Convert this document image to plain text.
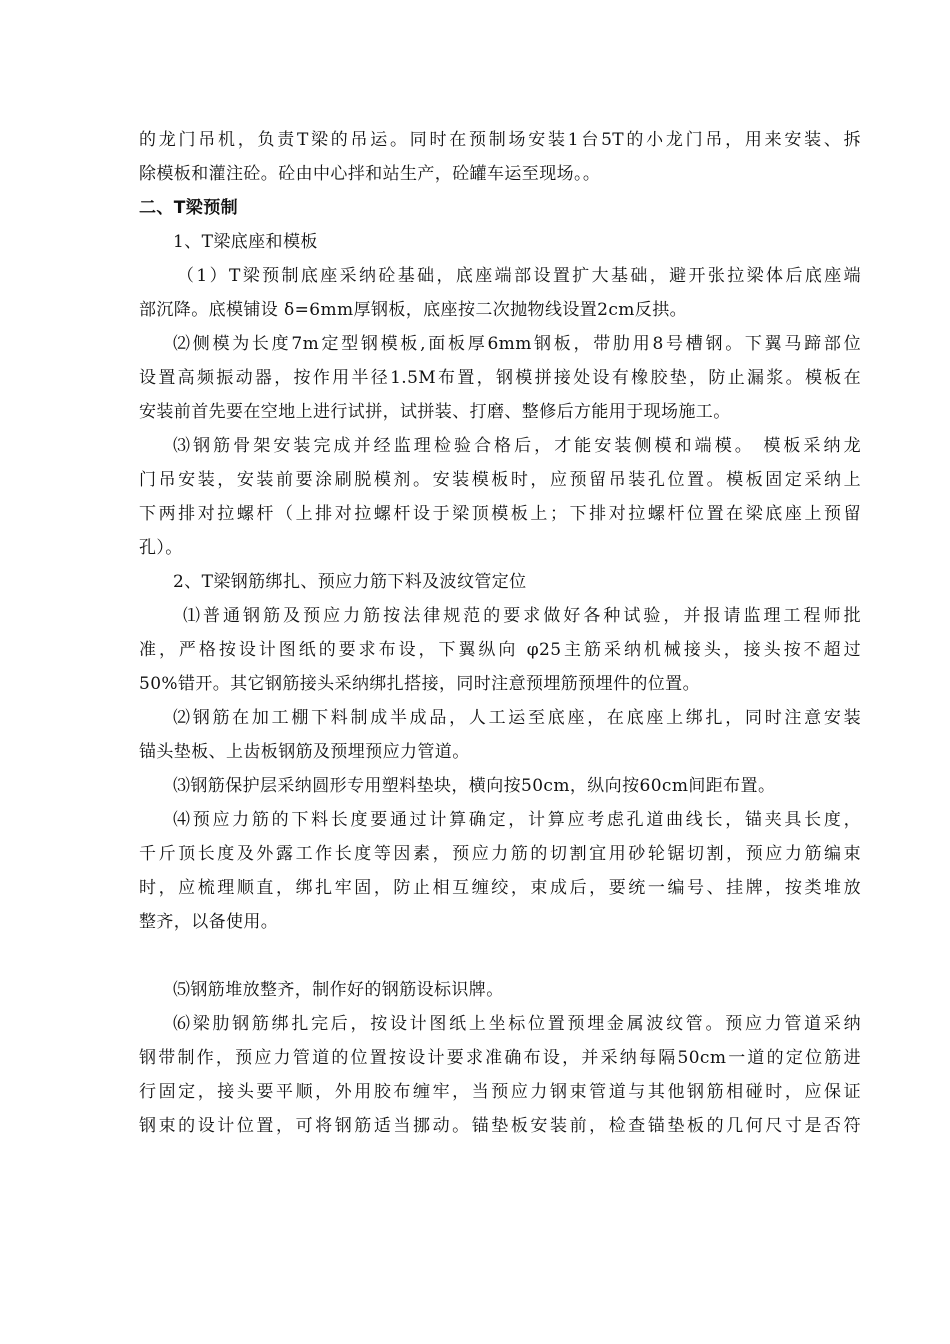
的龙门吊机，负责T梁的吊运。同时在预制场安装1台5T的小龙门吊，用来安装、拆
除模板和灌注砼。砼由中心拌和站生产，砼罐车运至现场。。
二、T梁预制
1、T梁底座和模板
（1）T梁预制底座采纳砼基础，底座端部设置扩大基础，避开张拉梁体后底座端
部沉降。底模铺设 δ=6mm厚钢板，底座按二次抛物线设置2cm反拱。
⑵侧模为长度7m定型钢模板,面板厚6mm钢板，带肋用8号槽钢。下翼马蹄部位
设置高频振动器，按作用半径1.5M布置，钢模拼接处设有橡胶垫，防止漏浆。模板在
安装前首先要在空地上进行试拼，试拼装、打磨、整修后方能用于现场施工。
⑶钢筋骨架安装完成并经监理检验合格后，才能安装侧模和端模。 模板采纳龙
门吊安装，安装前要涂刷脱模剂。安装模板时，应预留吊装孔位置。模板固定采纳上
下两排对拉螺杆（上排对拉螺杆设于梁顶模板上；下排对拉螺杆位置在梁底座上预留
孔）。
2、T梁钢筋绑扎、预应力筋下料及波纹管定位
⑴普通钢筋及预应力筋按法律规范的要求做好各种试验，并报请监理工程师批
准，严格按设计图纸的要求布设，下翼纵向 φ25主筋采纳机械接头，接头按不超过
50%错开。其它钢筋接头采纳绑扎搭接，同时注意预埋筋预埋件的位置。
⑵钢筋在加工棚下料制成半成品，人工运至底座，在底座上绑扎，同时注意安装
锚头垫板、上齿板钢筋及预埋预应力管道。
⑶钢筋保护层采纳圆形专用塑料垫块，横向按50cm，纵向按60cm间距布置。
⑷预应力筋的下料长度要通过计算确定，计算应考虑孔道曲线长，锚夹具长度，
千斤顶长度及外露工作长度等因素，预应力筋的切割宜用砂轮锯切割，预应力筋编束
时，应梳理顺直，绑扎牢固，防止相互缠绞，束成后，要统一编号、挂牌，按类堆放
整齐，以备使用。
⑸钢筋堆放整齐，制作好的钢筋设标识牌。
⑹梁肋钢筋绑扎完后，按设计图纸上坐标位置预埋金属波纹管。预应力管道采纳
钢带制作，预应力管道的位置按设计要求准确布设，并采纳每隔50cm一道的定位筋进
行固定，接头要平顺，外用胶布缠牢，当预应力钢束管道与其他钢筋相碰时，应保证
钢束的设计位置，可将钢筋适当挪动。锚垫板安装前，检查锚垫板的几何尺寸是否符
